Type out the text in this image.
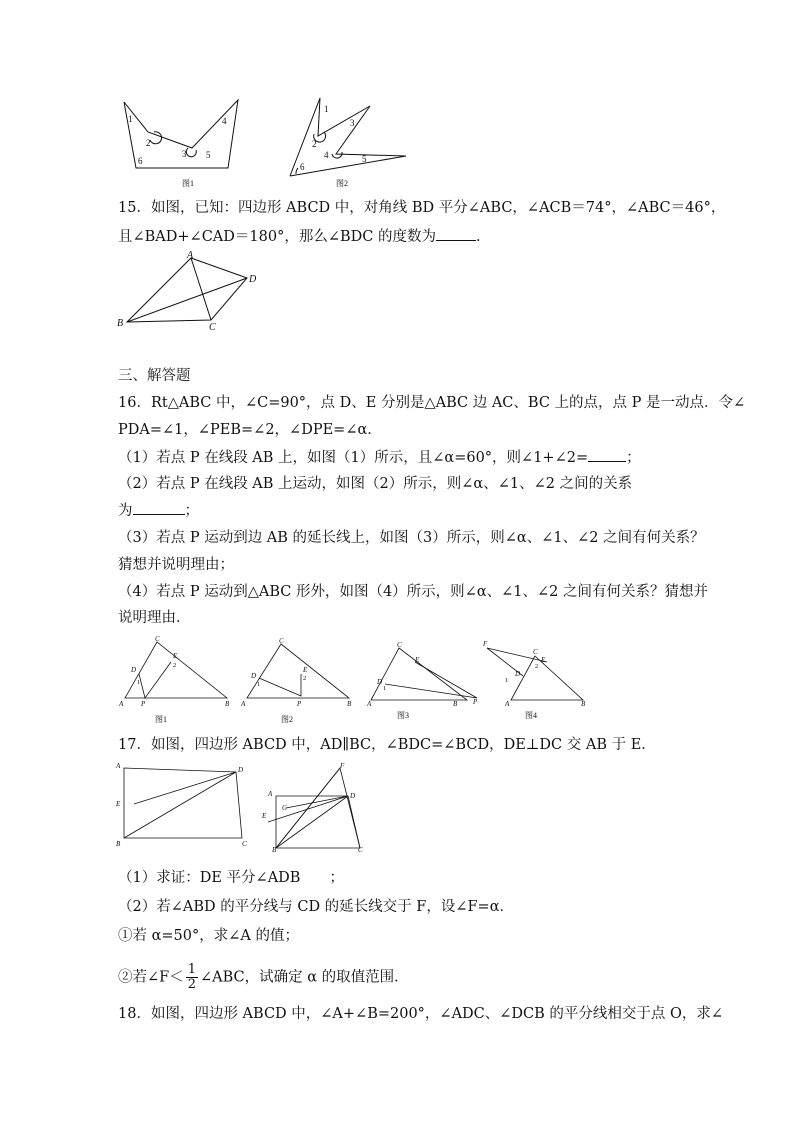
1
2
3
4
5
6
图1
1
2
3
4	5
6
图2
15．如图，已知：四边形 ABCD 中，对角线 BD 平分∠ABC，∠ACB＝74°，∠ABC＝46°，
且∠BAD+∠CAD＝180°，那么∠BDC 的度数为	.
A
D
B	C
三、解答题
16．Rt△ABC 中，∠C=90°，点 D、E 分别是△ABC 边 AC、BC 上的点，点 P 是一动点．令∠
PDA=∠1，∠PEB=∠2，∠DPE=∠α．
（1）若点 P 在线段 AB 上，如图（1）所示，且∠α=60°，则∠1+∠2=	；
（2）若点 P 在线段 AB 上运动，如图（2）所示，则∠α、∠1、∠2 之间的关系
为	；
（3）若点 P 运动到边 AB 的延长线上，如图（3）所示，则∠α、∠1、∠2 之间有何关系？
猜想并说明理由；
（4）若点 P 运动到△ABC 形外，如图（4）所示，则∠α、∠1、∠2 之间有何关系？猜想并
说明理由．
C
E
D
A	P	B
C
E
D
A	P	B
C
E
D
A	B P
F
C
E
D
A	B
1
2
1
2
1
1
2
图1	图2	图3	图4
17．如图，四边形 ABCD 中，AD∥BC，∠BDC=∠BCD，DE⊥DC 交 AB 于 E．
A	D
E
B	C
F
A	D
G
E
B	C
（1）求证：DE 平分∠ADB　　；
（2）若∠ABD 的平分线与 CD 的延长线交于 F，设∠F=α．
①若 α=50°，求∠A 的值；
②若∠F＜ $\frac{1}{2}$ ∠ABC，试确定 α 的取值范围．
18．如图，四边形 ABCD 中，∠A+∠B=200°，∠ADC、∠DCB 的平分线相交于点 O，求∠
